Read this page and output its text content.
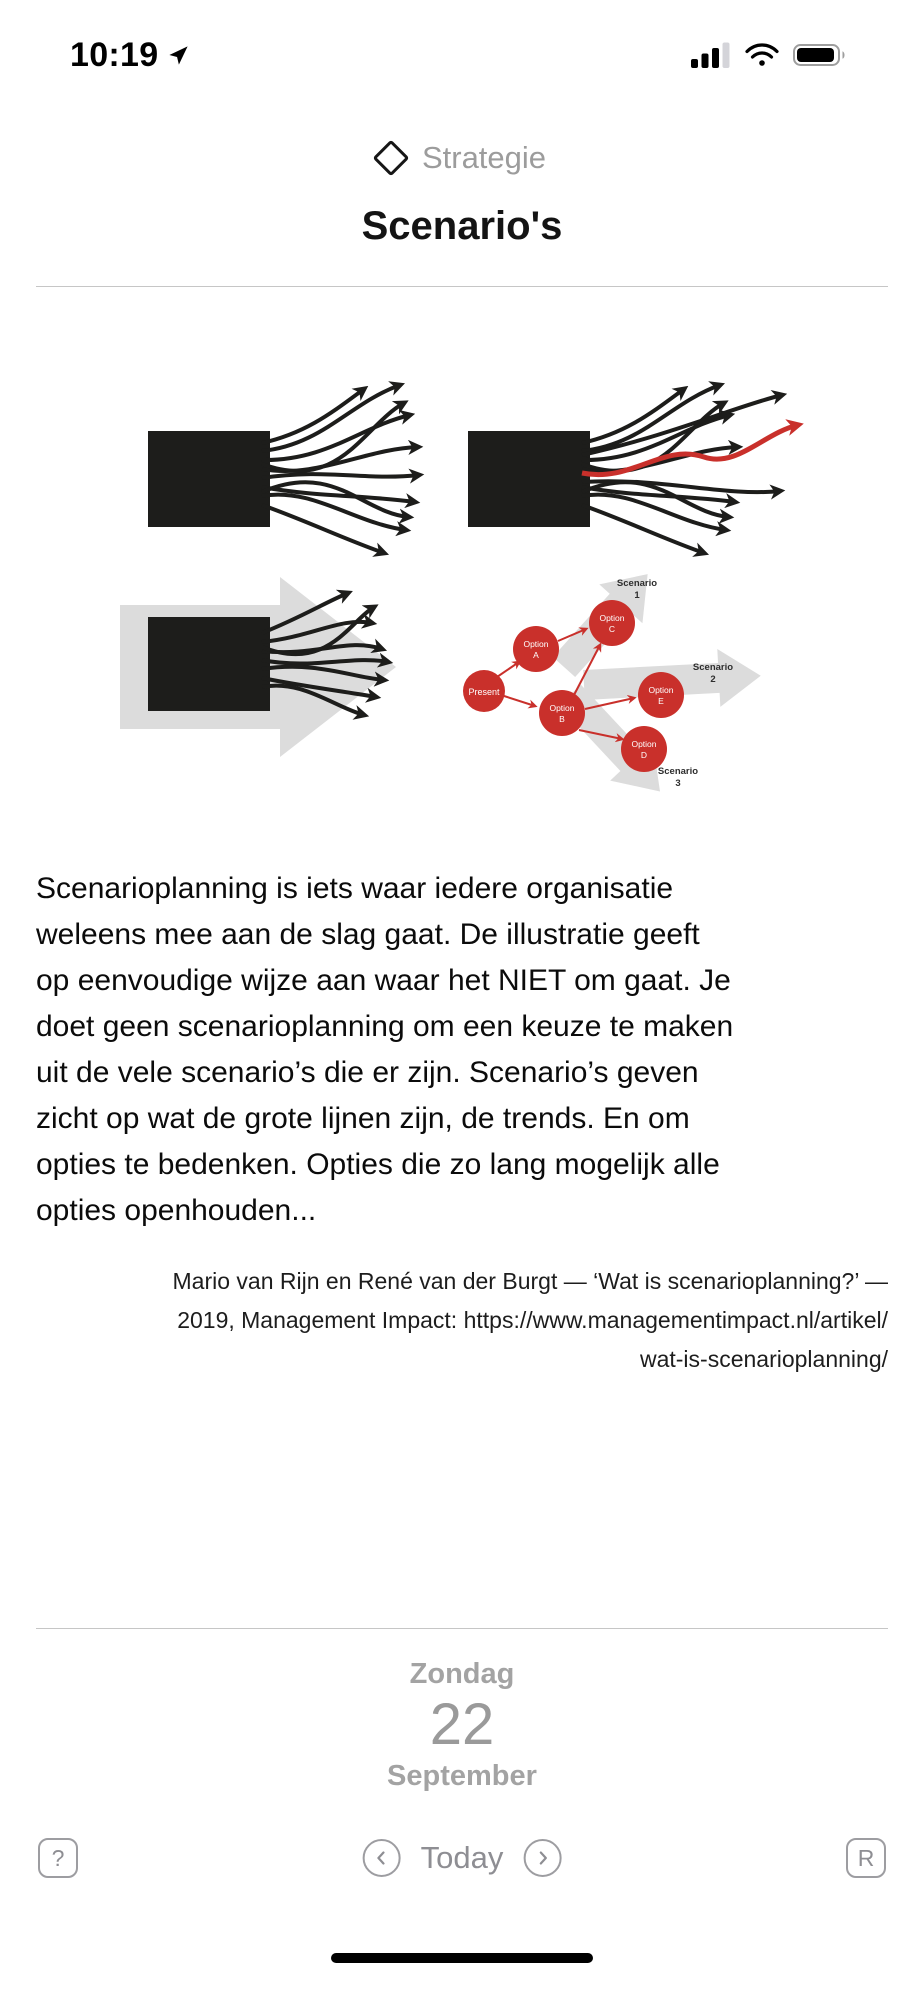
10:19
Strategie
Scenario's
Present
Option
A
Option
B
Option
C
Option
E
Option
D
Scenario
1
Scenario
2
Scenario
3
Scenarioplanning is iets waar iedere organisatie
weleens mee aan de slag gaat. De illustratie geeft
op eenvoudige wijze aan waar het NIET om gaat. Je
doet geen scenarioplanning om een keuze te maken
uit de vele scenario’s die er zijn. Scenario’s geven
zicht op wat de grote lijnen zijn, de trends. En om
opties te bedenken. Opties die zo lang mogelijk alle
opties openhouden...
Mario van Rijn en René van der Burgt — ‘Wat is scenarioplanning?’ —
2019, Management Impact: https://www.managementimpact.nl/artikel/
wat-is-scenarioplanning/
Zondag
22
September
?	Today	R
